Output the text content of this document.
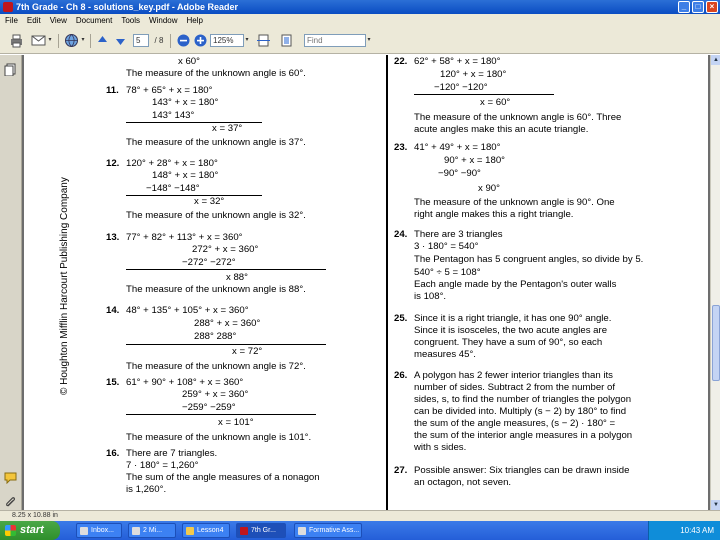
7th Grade - Ch 8 - solutions_key.pdf - Adobe Reader	_	□	×
File Edit View Document Tools Window Help
▾	▾
5	/ 8	125%	▾
Find	▾
© Houghton Mifflin Harcourt Publishing Company
x 60°
The measure of the unknown angle is 60°.
11. 78° + 65° + x = 180°
143° + x = 180°
143° 143°
x = 37°
The measure of the unknown angle is 37°.
12. 120° + 28° + x = 180°
148° + x = 180°
−148° −148°
x = 32°
The measure of the unknown angle is 32°.
13. 77° + 82° + 113° + x = 360°
272° + x = 360°
−272° −272°
x 88°
The measure of the unknown angle is 88°.
14. 48° + 135° + 105° + x = 360°
288° + x = 360°
288° 288°
x = 72°
The measure of the unknown angle is 72°.
15. 61° + 90° + 108° + x = 360°
259° + x = 360°
−259° −259°
x = 101°
The measure of the unknown angle is 101°.
16. There are 7 triangles.
7 · 180° = 1,260°
The sum of the angle measures of a nonagon
is 1,260°.
22. 62° + 58° + x = 180°
120° + x = 180°
−120° −120°
x = 60°
The measure of the unknown angle is 60°. Three
acute angles make this an acute triangle.
23. 41° + 49° + x = 180°
90° + x = 180°
−90° −90°
x 90°
The measure of the unknown angle is 90°. One
right angle makes this a right triangle.
24. There are 3 triangles
3 · 180° = 540°
The Pentagon has 5 congruent angles, so divide by 5.
540° ÷ 5 = 108°
Each angle made by the Pentagon's outer walls
is 108°.
25. Since it is a right triangle, it has one 90° angle.
Since it is isosceles, the two acute angles are
congruent. They have a sum of 90°, so each
measures 45°.
26. A polygon has 2 fewer interior triangles than its
number of sides. Subtract 2 from the number of
sides, s, to find the number of triangles the polygon
can be divided into. Multiply (s − 2) by 180° to find
the sum of the angle measures, (s − 2) · 180° =
the sum of the interior angle measures in a polygon
with s sides.
27. Possible answer: Six triangles can be drawn inside
an octagon, not seven.
▲
▼
8.25 x 10.88 in
start	Inbox...	2 Mi...	Lesson4	7th Gr...	Formative Ass...	10:43 AM
